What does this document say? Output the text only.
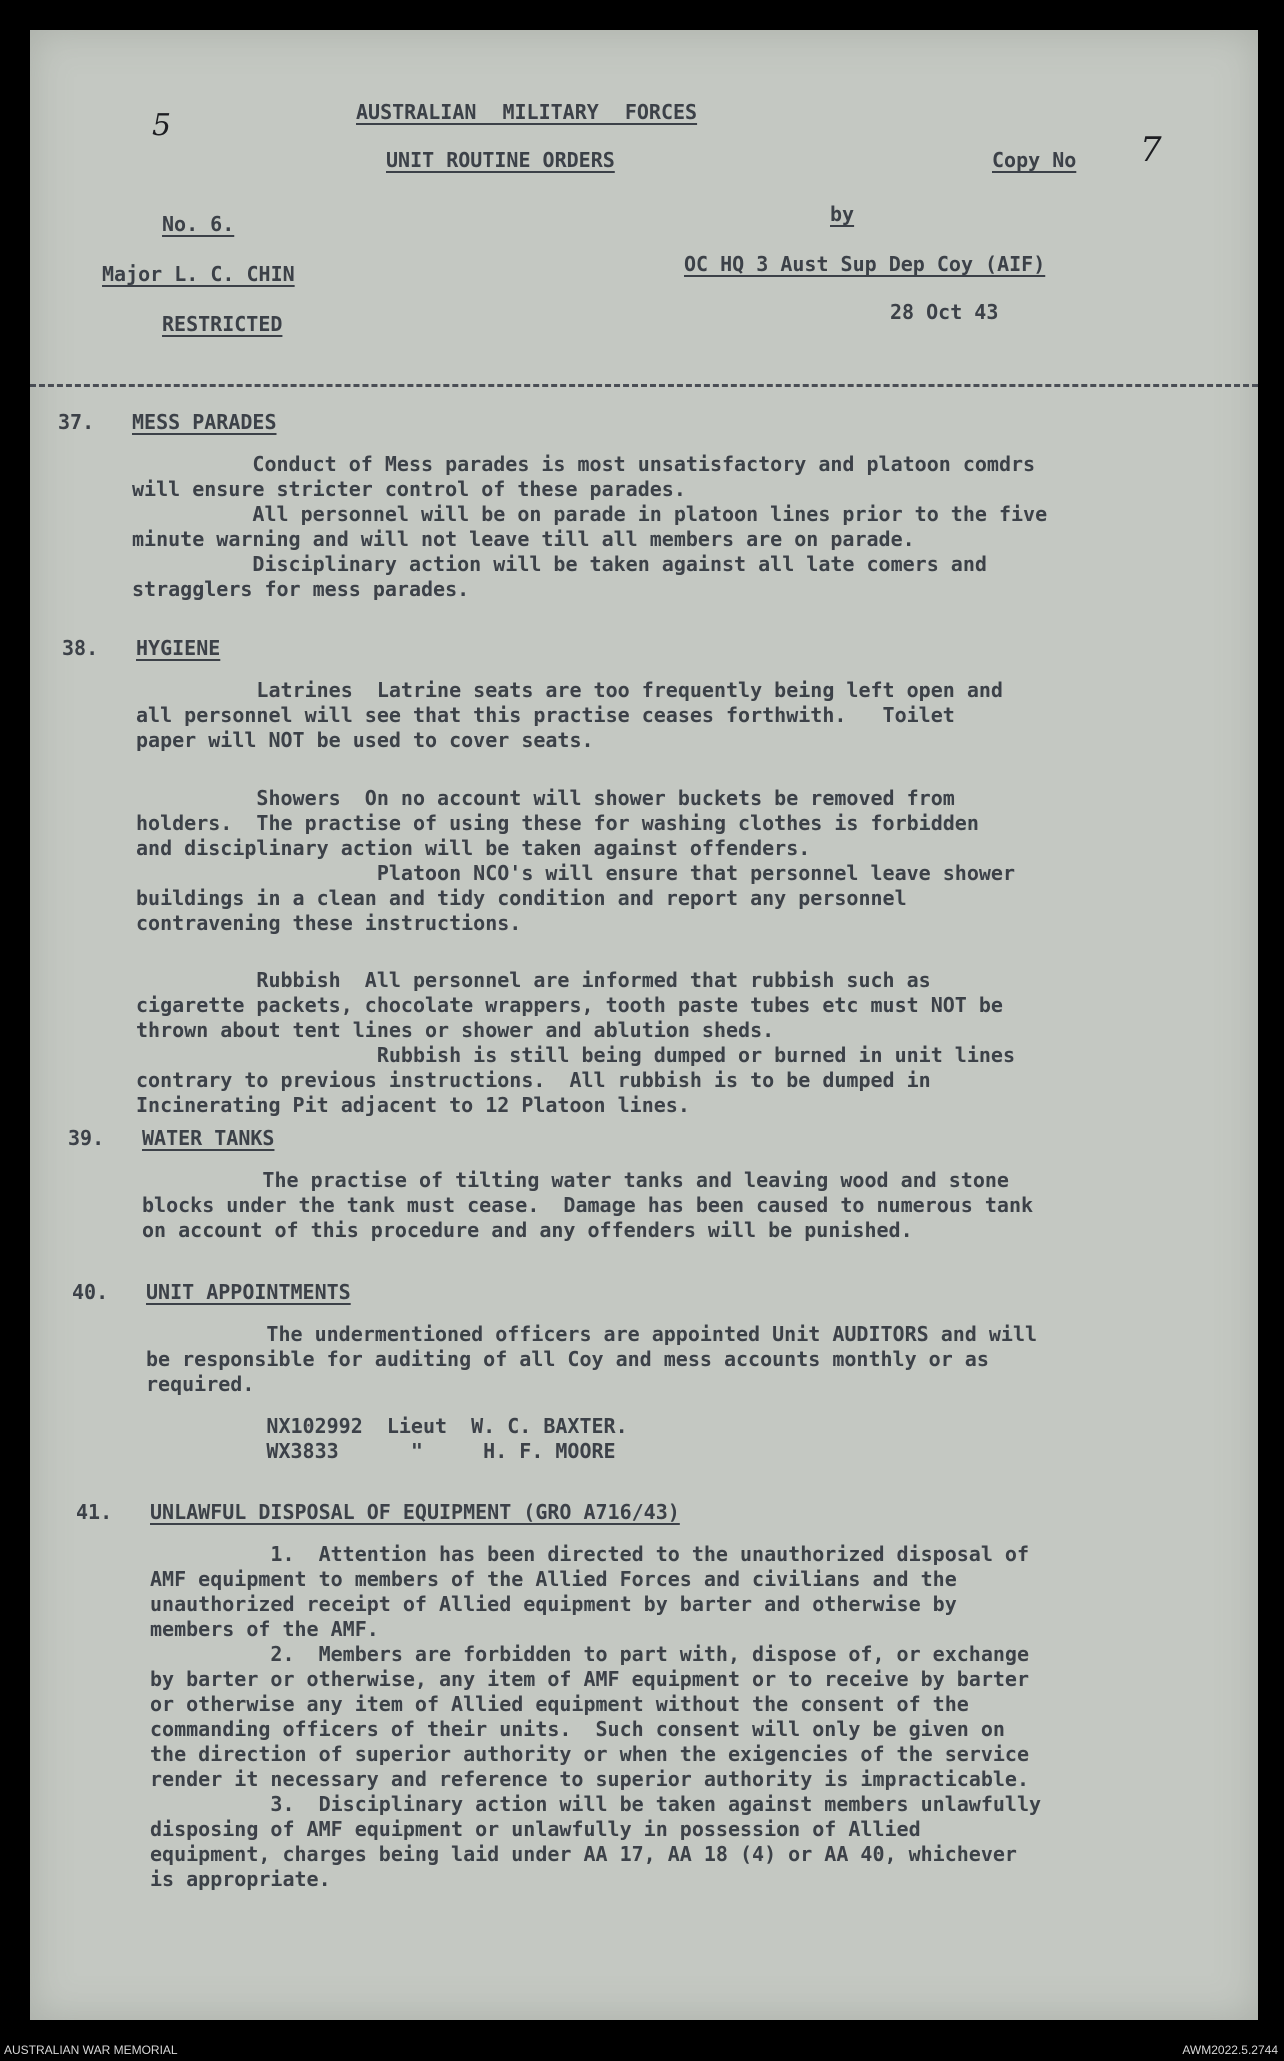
5	AUSTRALIAN MILITARY FORCES
UNIT ROUTINE ORDERS	Copy No 7
No. 6.	by
Major L. C. CHIN	OC HQ 3 Aust Sup Dep Coy (AIF)
RESTRICTED	28 Oct 43
37. MESS PARADES

Conduct of Mess parades is most unsatisfactory and platoon comdrs

will ensure stricter control of these parades.

All personnel will be on parade in platoon lines prior to the five

minute warning and will not leave till all members are on parade.

Disciplinary action will be taken against all late comers and

stragglers for mess parades.

38. HYGIENE

Latrines  Latrine seats are too frequently being left open and

all personnel will see that this practise ceases forthwith.   Toilet

paper will NOT be used to cover seats.

Showers  On no account will shower buckets be removed from

holders.  The practise of using these for washing clothes is forbidden

and disciplinary action will be taken against offenders.

Platoon NCO's will ensure that personnel leave shower

buildings in a clean and tidy condition and report any personnel

contravening these instructions.

Rubbish  All personnel are informed that rubbish such as

cigarette packets, chocolate wrappers, tooth paste tubes etc must NOT be

thrown about tent lines or shower and ablution sheds.

Rubbish is still being dumped or burned in unit lines

contrary to previous instructions.  All rubbish is to be dumped in

Incinerating Pit adjacent to 12 Platoon lines.

39. WATER TANKS

The practise of tilting water tanks and leaving wood and stone

blocks under the tank must cease.  Damage has been caused to numerous tank

on account of this procedure and any offenders will be punished.

40. UNIT APPOINTMENTS

The undermentioned officers are appointed Unit AUDITORS and will

be responsible for auditing of all Coy and mess accounts monthly or as

required.

NX102992  Lieut  W. C. BAXTER.

WX3833      "     H. F. MOORE

41. UNLAWFUL DISPOSAL OF EQUIPMENT (GRO A716/43)

1.  Attention has been directed to the unauthorized disposal of

AMF equipment to members of the Allied Forces and civilians and the

unauthorized receipt of Allied equipment by barter and otherwise by

members of the AMF.

2.  Members are forbidden to part with, dispose of, or exchange

by barter or otherwise, any item of AMF equipment or to receive by barter

or otherwise any item of Allied equipment without the consent of the

commanding officers of their units.  Such consent will only be given on

the direction of superior authority or when the exigencies of the service

render it necessary and reference to superior authority is impracticable.

3.  Disciplinary action will be taken against members unlawfully

disposing of AMF equipment or unlawfully in possession of Allied

equipment, charges being laid under AA 17, AA 18 (4) or AA 40, whichever

is appropriate.

AUSTRALIAN WAR MEMORIAL	AWM2022.5.2744
